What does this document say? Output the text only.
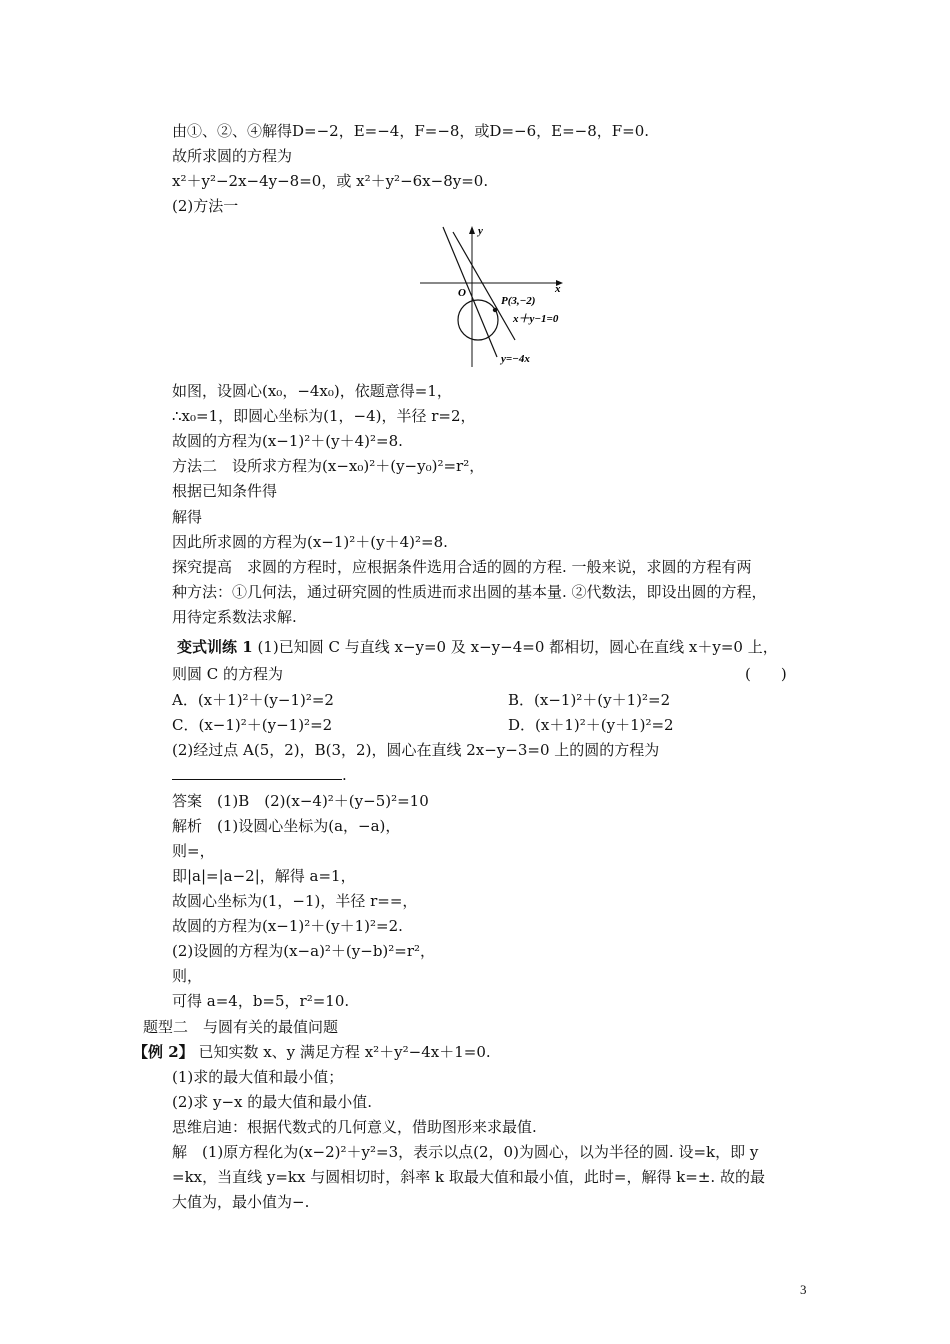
由①、②、④解得D=−2，E=−4，F=−8，或D=−6，E=−8，F=0.
故所求圆的方程为
x²＋y²−2x−4y−8=0，或 x²＋y²−6x−8y=0.
(2)方法一
y
x
O
P(3,−2)
x＋y−1=0
y=−4x
如图，设圆心(x₀，−4x₀)，依题意得=1，
∴x₀=1，即圆心坐标为(1，−4)，半径 r=2，
故圆的方程为(x−1)²＋(y＋4)²=8.
方法二　设所求方程为(x−x₀)²＋(y−y₀)²=r²，
根据已知条件得
解得
因此所求圆的方程为(x−1)²＋(y＋4)²=8.
探究提高　求圆的方程时，应根据条件选用合适的圆的方程. 一般来说，求圆的方程有两
种方法：①几何法，通过研究圆的性质进而求出圆的基本量. ②代数法，即设出圆的方程，
用待定系数法求解.
变式训练 1 (1)已知圆 C 与直线 x−y=0 及 x−y−4=0 都相切，圆心在直线 x＋y=0 上，
则圆 C 的方程为	(　　)
A．(x＋1)²＋(y−1)²=2	B．(x−1)²＋(y＋1)²=2
C．(x−1)²＋(y−1)²=2	D．(x＋1)²＋(y＋1)²=2
(2)经过点 A(5，2)，B(3，2)，圆心在直线 2x−y−3=0 上的圆的方程为
.
答案　(1)B　(2)(x−4)²＋(y−5)²=10
解析　(1)设圆心坐标为(a，−a)，
则=，
即|a|=|a−2|，解得 a=1，
故圆心坐标为(1，−1)，半径 r==，
故圆的方程为(x−1)²＋(y＋1)²=2.
(2)设圆的方程为(x−a)²＋(y−b)²=r²，
则，
可得 a=4，b=5，r²=10.
题型二　与圆有关的最值问题
【例 2】 已知实数 x、y 满足方程 x²＋y²−4x＋1=0.
(1)求的最大值和最小值；
(2)求 y−x 的最大值和最小值.
思维启迪：根据代数式的几何意义，借助图形来求最值.
解　(1)原方程化为(x−2)²＋y²=3，表示以点(2，0)为圆心，以为半径的圆. 设=k，即 y
=kx，当直线 y=kx 与圆相切时，斜率 k 取最大值和最小值，此时=，解得 k=±. 故的最
大值为，最小值为−.
3
